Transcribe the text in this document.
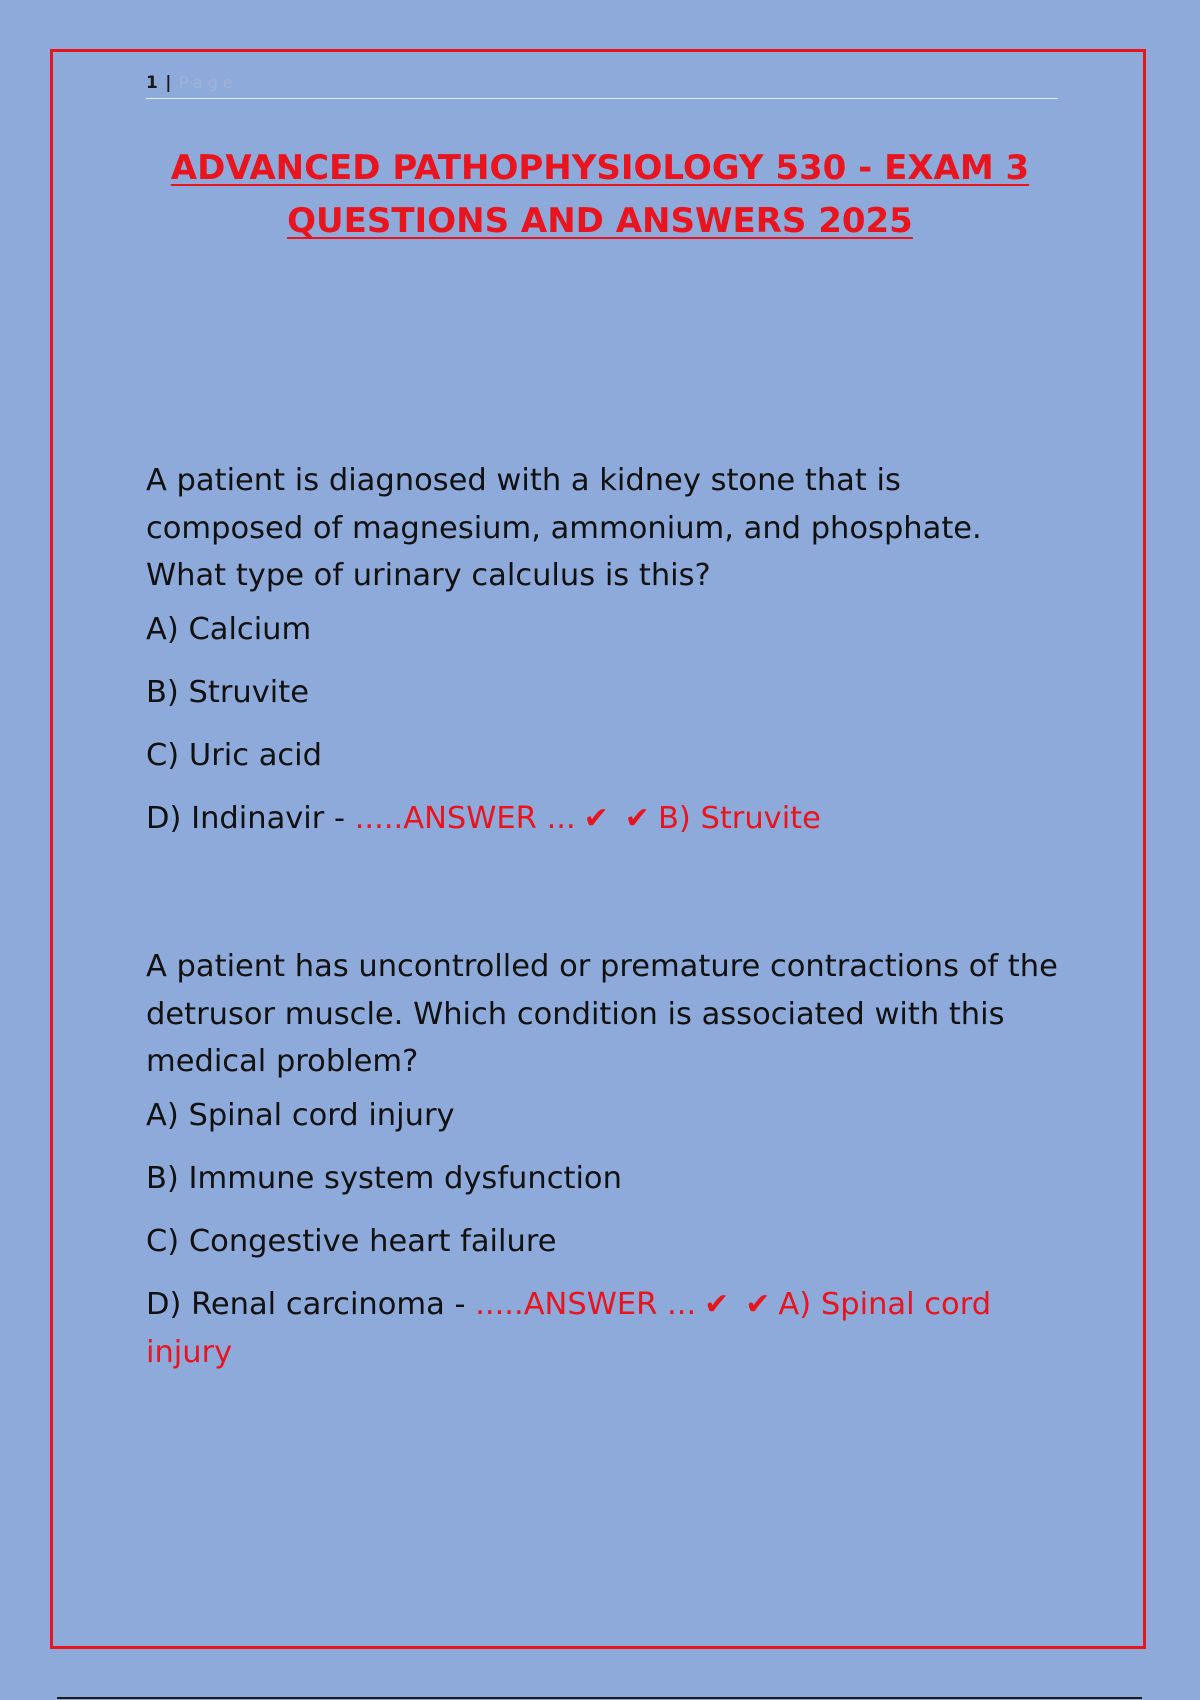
1 | Page
ADVANCED PATHOPHYSIOLOGY 530 - EXAM 3 QUESTIONS AND ANSWERS 2025

A patient is diagnosed with a kidney stone that is composed of magnesium, ammonium, and phosphate. What type of urinary calculus is this?

A) Calcium
B) Struvite
C) Uric acid
D) Indinavir - .....ANSWER ... ✔ ✔ B) Struvite

A patient has uncontrolled or premature contractions of the detrusor muscle. Which condition is associated with this medical problem?

A) Spinal cord injury
B) Immune system dysfunction
C) Congestive heart failure
D) Renal carcinoma - .....ANSWER ... ✔ ✔ A) Spinal cord injury
